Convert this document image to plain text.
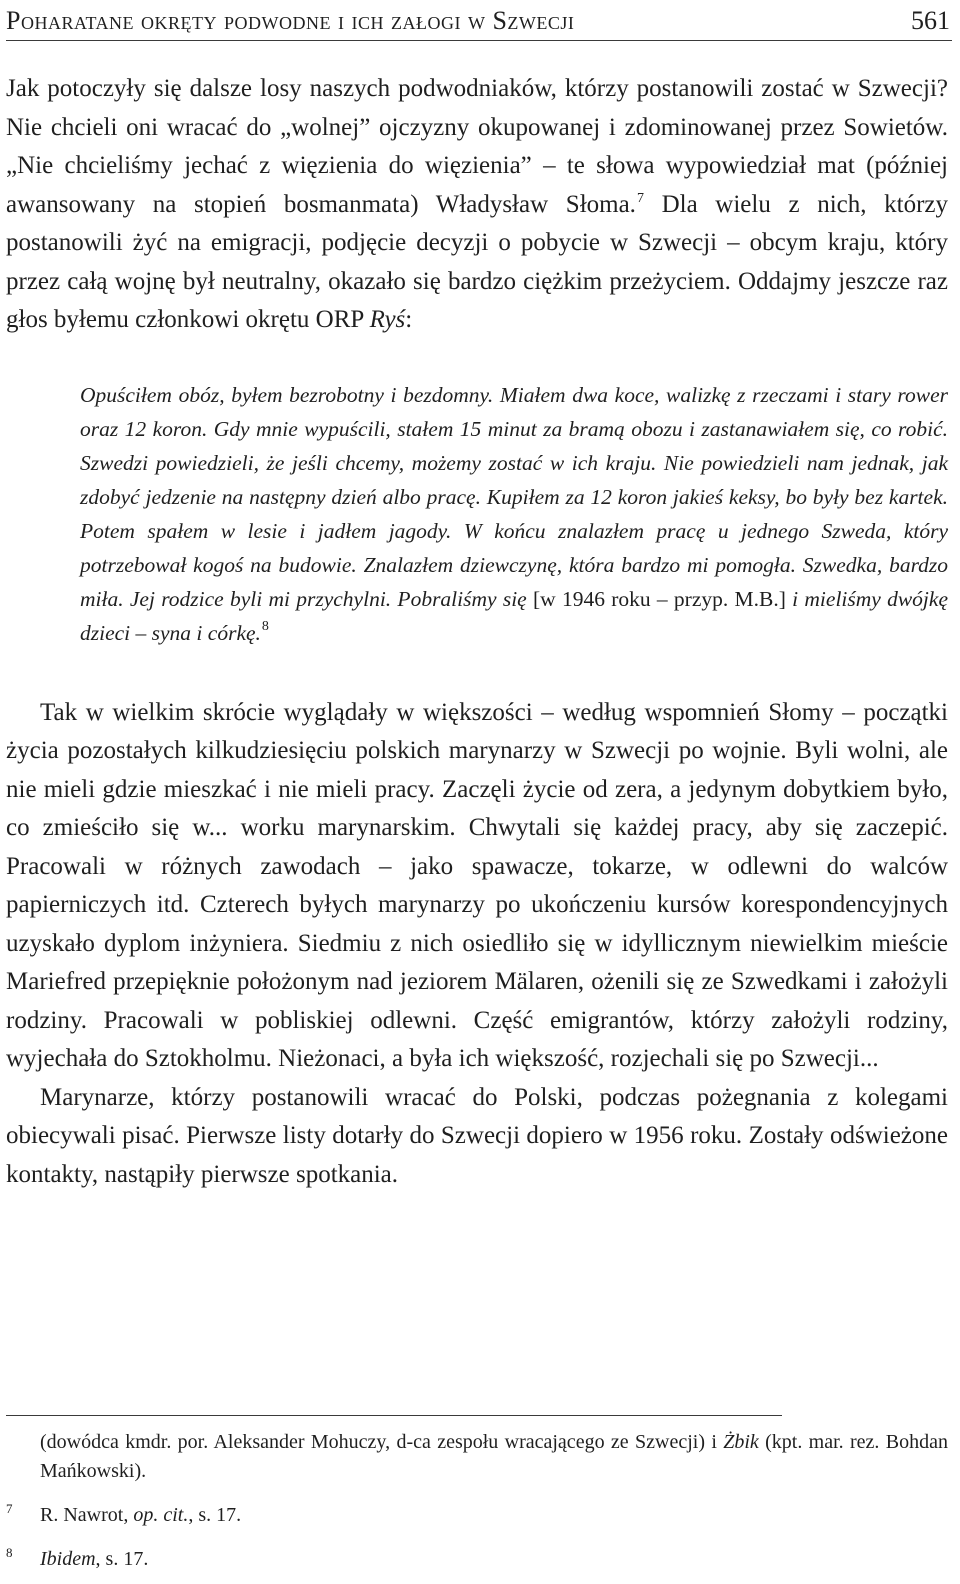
Poharatane okręty podwodne i ich załogi w Szwecji	561

Jak potoczyły się dalsze losy naszych podwodniaków, którzy postanowili zostać w Szwecji? Nie chcieli oni wracać do „wolnej” ojczyzny okupowanej i zdominowanej przez Sowietów. „Nie chcieliśmy jechać z więzienia do więzienia” – te słowa wypowiedział mat (później awansowany na stopień bosmanmata) Władysław Słoma.$^7$ Dla wielu z nich, którzy postanowili żyć na emigracji, podjęcie decyzji o pobycie w Szwecji – obcym kraju, który przez całą wojnę był neutralny, okazało się bardzo ciężkim przeżyciem. Oddajmy jeszcze raz głos byłemu członkowi okrętu ORP Ryś:

Opuściłem obóz, byłem bezrobotny i bezdomny. Miałem dwa koce, walizkę z rzeczami i stary rower oraz 12 koron. Gdy mnie wypuścili, stałem 15 minut za bramą obozu i zastanawiałem się, co robić. Szwedzi powiedzieli, że jeśli chcemy, możemy zostać w ich kraju. Nie powiedzieli nam jednak, jak zdobyć jedzenie na następny dzień albo pracę. Kupiłem za 12 koron jakieś keksy, bo były bez kartek. Potem spałem w lesie i jadłem jagody. W końcu znalazłem pracę u jednego Szweda, który potrzebował kogoś na budowie. Znalazłem dziewczynę, która bardzo mi pomogła. Szwedka, bardzo miła. Jej rodzice byli mi przychylni. Pobraliśmy się [w 1946 roku – przyp. M.B.] i mieliśmy dwójkę dzieci – syna i córkę.$^8$

Tak w wielkim skrócie wyglądały w większości – według wspomnień Słomy – początki życia pozostałych kilkudziesięciu polskich marynarzy w Szwecji po wojnie. Byli wolni, ale nie mieli gdzie mieszkać i nie mieli pracy. Zaczęli życie od zera, a jedynym dobytkiem było, co zmieściło się w... worku marynarskim. Chwytali się każdej pracy, aby się zaczepić. Pracowali w różnych zawodach – jako spawacze, tokarze, w odlewni do walców papierniczych itd. Czterech byłych marynarzy po ukończeniu kursów korespondencyjnych uzyskało dyplom inżyniera. Siedmiu z nich osiedliło się w idyllicznym niewielkim mieście Mariefred przepięknie położonym nad jeziorem Mälaren, ożenili się ze Szwedkami i założyli rodziny. Pracowali w pobliskiej odlewni. Część emigrantów, którzy założyli rodziny, wyjechała do Sztokholmu. Nieżonaci, a była ich większość, rozjechali się po Szwecji...

Marynarze, którzy postanowili wracać do Polski, podczas pożegnania z kolegami obiecywali pisać. Pierwsze listy dotarły do Szwecji dopiero w 1956 roku. Zostały odświeżone kontakty, nastąpiły pierwsze spotkania.

(dowódca kmdr. por. Aleksander Mohuczy, d-ca zespołu wracającego ze Szwecji) i Żbik (kpt. mar. rez. Bohdan Mańkowski).

7 R. Nawrot, op. cit., s. 17.

8 Ibidem, s. 17.
